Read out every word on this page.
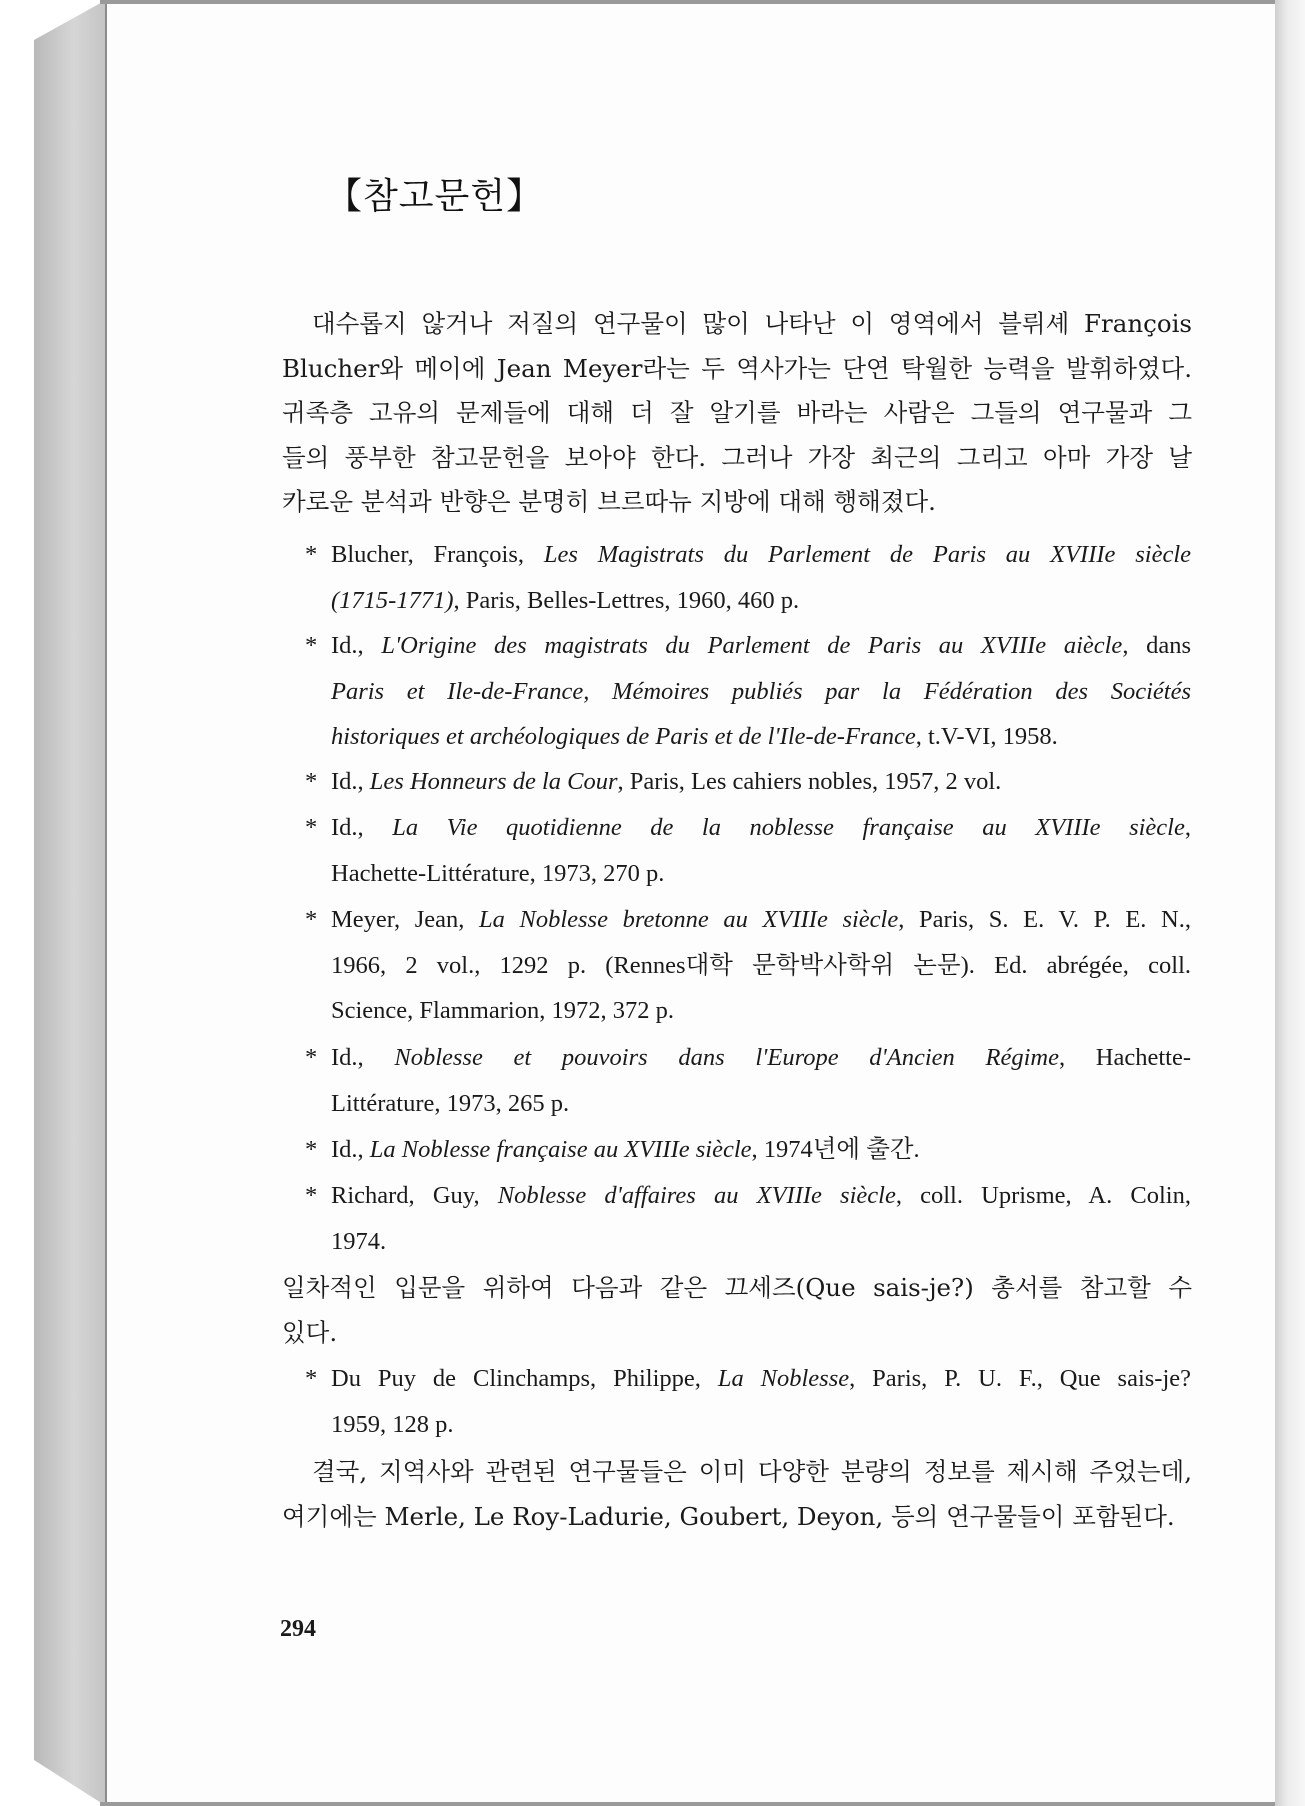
【참고문헌】
대수롭지 않거나 저질의 연구물이 많이 나타난 이 영역에서 블뤼셰 François
Blucher와 메이에 Jean Meyer라는 두 역사가는 단연 탁월한 능력을 발휘하였다.
귀족층 고유의 문제들에 대해 더 잘 알기를 바라는 사람은 그들의 연구물과 그
들의 풍부한 참고문헌을 보아야 한다. 그러나 가장 최근의 그리고 아마 가장 날
카로운 분석과 반향은 분명히 브르따뉴 지방에 대해 행해졌다.
* Blucher, François, Les Magistrats du Parlement de Paris au XVIIIe siècle
(1715-1771), Paris, Belles-Lettres, 1960, 460 p.
* Id., L'Origine des magistrats du Parlement de Paris au XVIIIe aiècle, dans
Paris et Ile-de-France, Mémoires publiés par la Fédération des Sociétés
historiques et archéologiques de Paris et de l'Ile-de-France, t.V-VI, 1958.
* Id., Les Honneurs de la Cour, Paris, Les cahiers nobles, 1957, 2 vol.
* Id., La Vie quotidienne de la noblesse française au XVIIIe siècle,
Hachette-Littérature, 1973, 270 p.
* Meyer, Jean, La Noblesse bretonne au XVIIIe siècle, Paris, S. E. V. P. E. N.,
1966, 2 vol., 1292 p. (Rennes대학 문학박사학위 논문). Ed. abrégée, coll.
Science, Flammarion, 1972, 372 p.
* Id., Noblesse et pouvoirs dans l'Europe d'Ancien Régime, Hachette-
Littérature, 1973, 265 p.
* Id., La Noblesse française au XVIIIe siècle, 1974년에 출간.
* Richard, Guy, Noblesse d'affaires au XVIIIe siècle, coll. Uprisme, A. Colin,
1974.
일차적인 입문을 위하여 다음과 같은 끄세즈(Que sais-je?) 총서를 참고할 수
있다.
* Du Puy de Clinchamps, Philippe, La Noblesse, Paris, P. U. F., Que sais-je?
1959, 128 p.
결국, 지역사와 관련된 연구물들은 이미 다양한 분량의 정보를 제시해 주었는데,
여기에는 Merle, Le Roy-Ladurie, Goubert, Deyon, 등의 연구물들이 포함된다.
294
